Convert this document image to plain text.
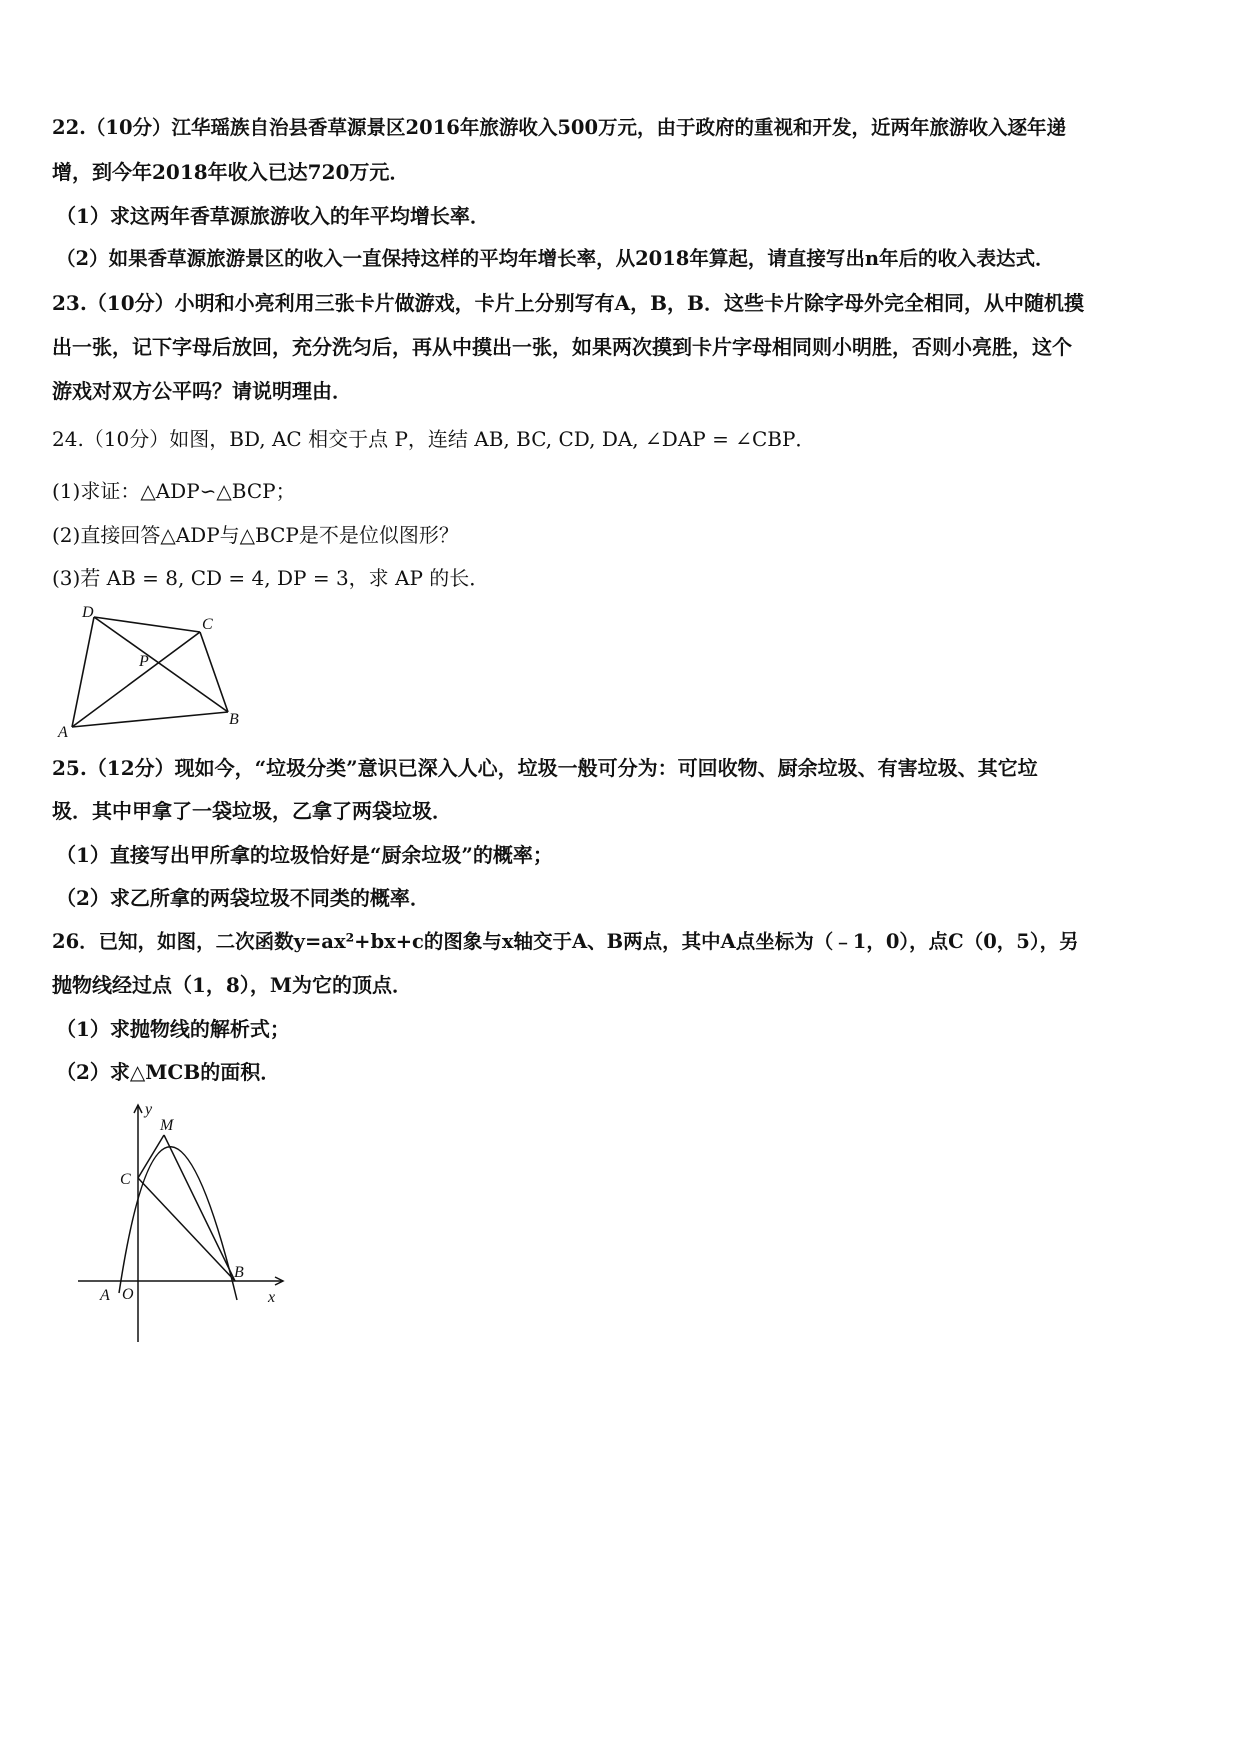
22.（10分）江华瑶族自治县香草源景区2016年旅游收入500万元，由于政府的重视和开发，近两年旅游收入逐年递
增，到今年2018年收入已达720万元．
（1）求这两年香草源旅游收入的年平均增长率．
（2）如果香草源旅游景区的收入一直保持这样的平均年增长率，从2018年算起，请直接写出n年后的收入表达式．
23.（10分）小明和小亮利用三张卡片做游戏，卡片上分别写有A，B，B．这些卡片除字母外完全相同，从中随机摸
出一张，记下字母后放回，充分洗匀后，再从中摸出一张，如果两次摸到卡片字母相同则小明胜，否则小亮胜，这个
游戏对双方公平吗？请说明理由．
24.（10分）如图，BD, AC 相交于点 P，连结 AB, BC, CD, DA, ∠DAP = ∠CBP．
(1)求证：△ADP∽△BCP；
(2)直接回答△ADP与△BCP是不是位似图形？
(3)若 AB = 8, CD = 4, DP = 3，求 AP 的长．
D
C
P
A
B
25.（12分）现如今，“垃圾分类”意识已深入人心，垃圾一般可分为：可回收物、厨余垃圾、有害垃圾、其它垃
圾．其中甲拿了一袋垃圾，乙拿了两袋垃圾．
（1）直接写出甲所拿的垃圾恰好是“厨余垃圾”的概率；
（2）求乙所拿的两袋垃圾不同类的概率．
26．已知，如图，二次函数y=ax²+bx+c的图象与x轴交于A、B两点，其中A点坐标为（﹣1，0），点C（0，5），另
抛物线经过点（1，8），M为它的顶点．
（1）求抛物线的解析式；
（2）求△MCB的面积．
y
M
C
B
A O	x
